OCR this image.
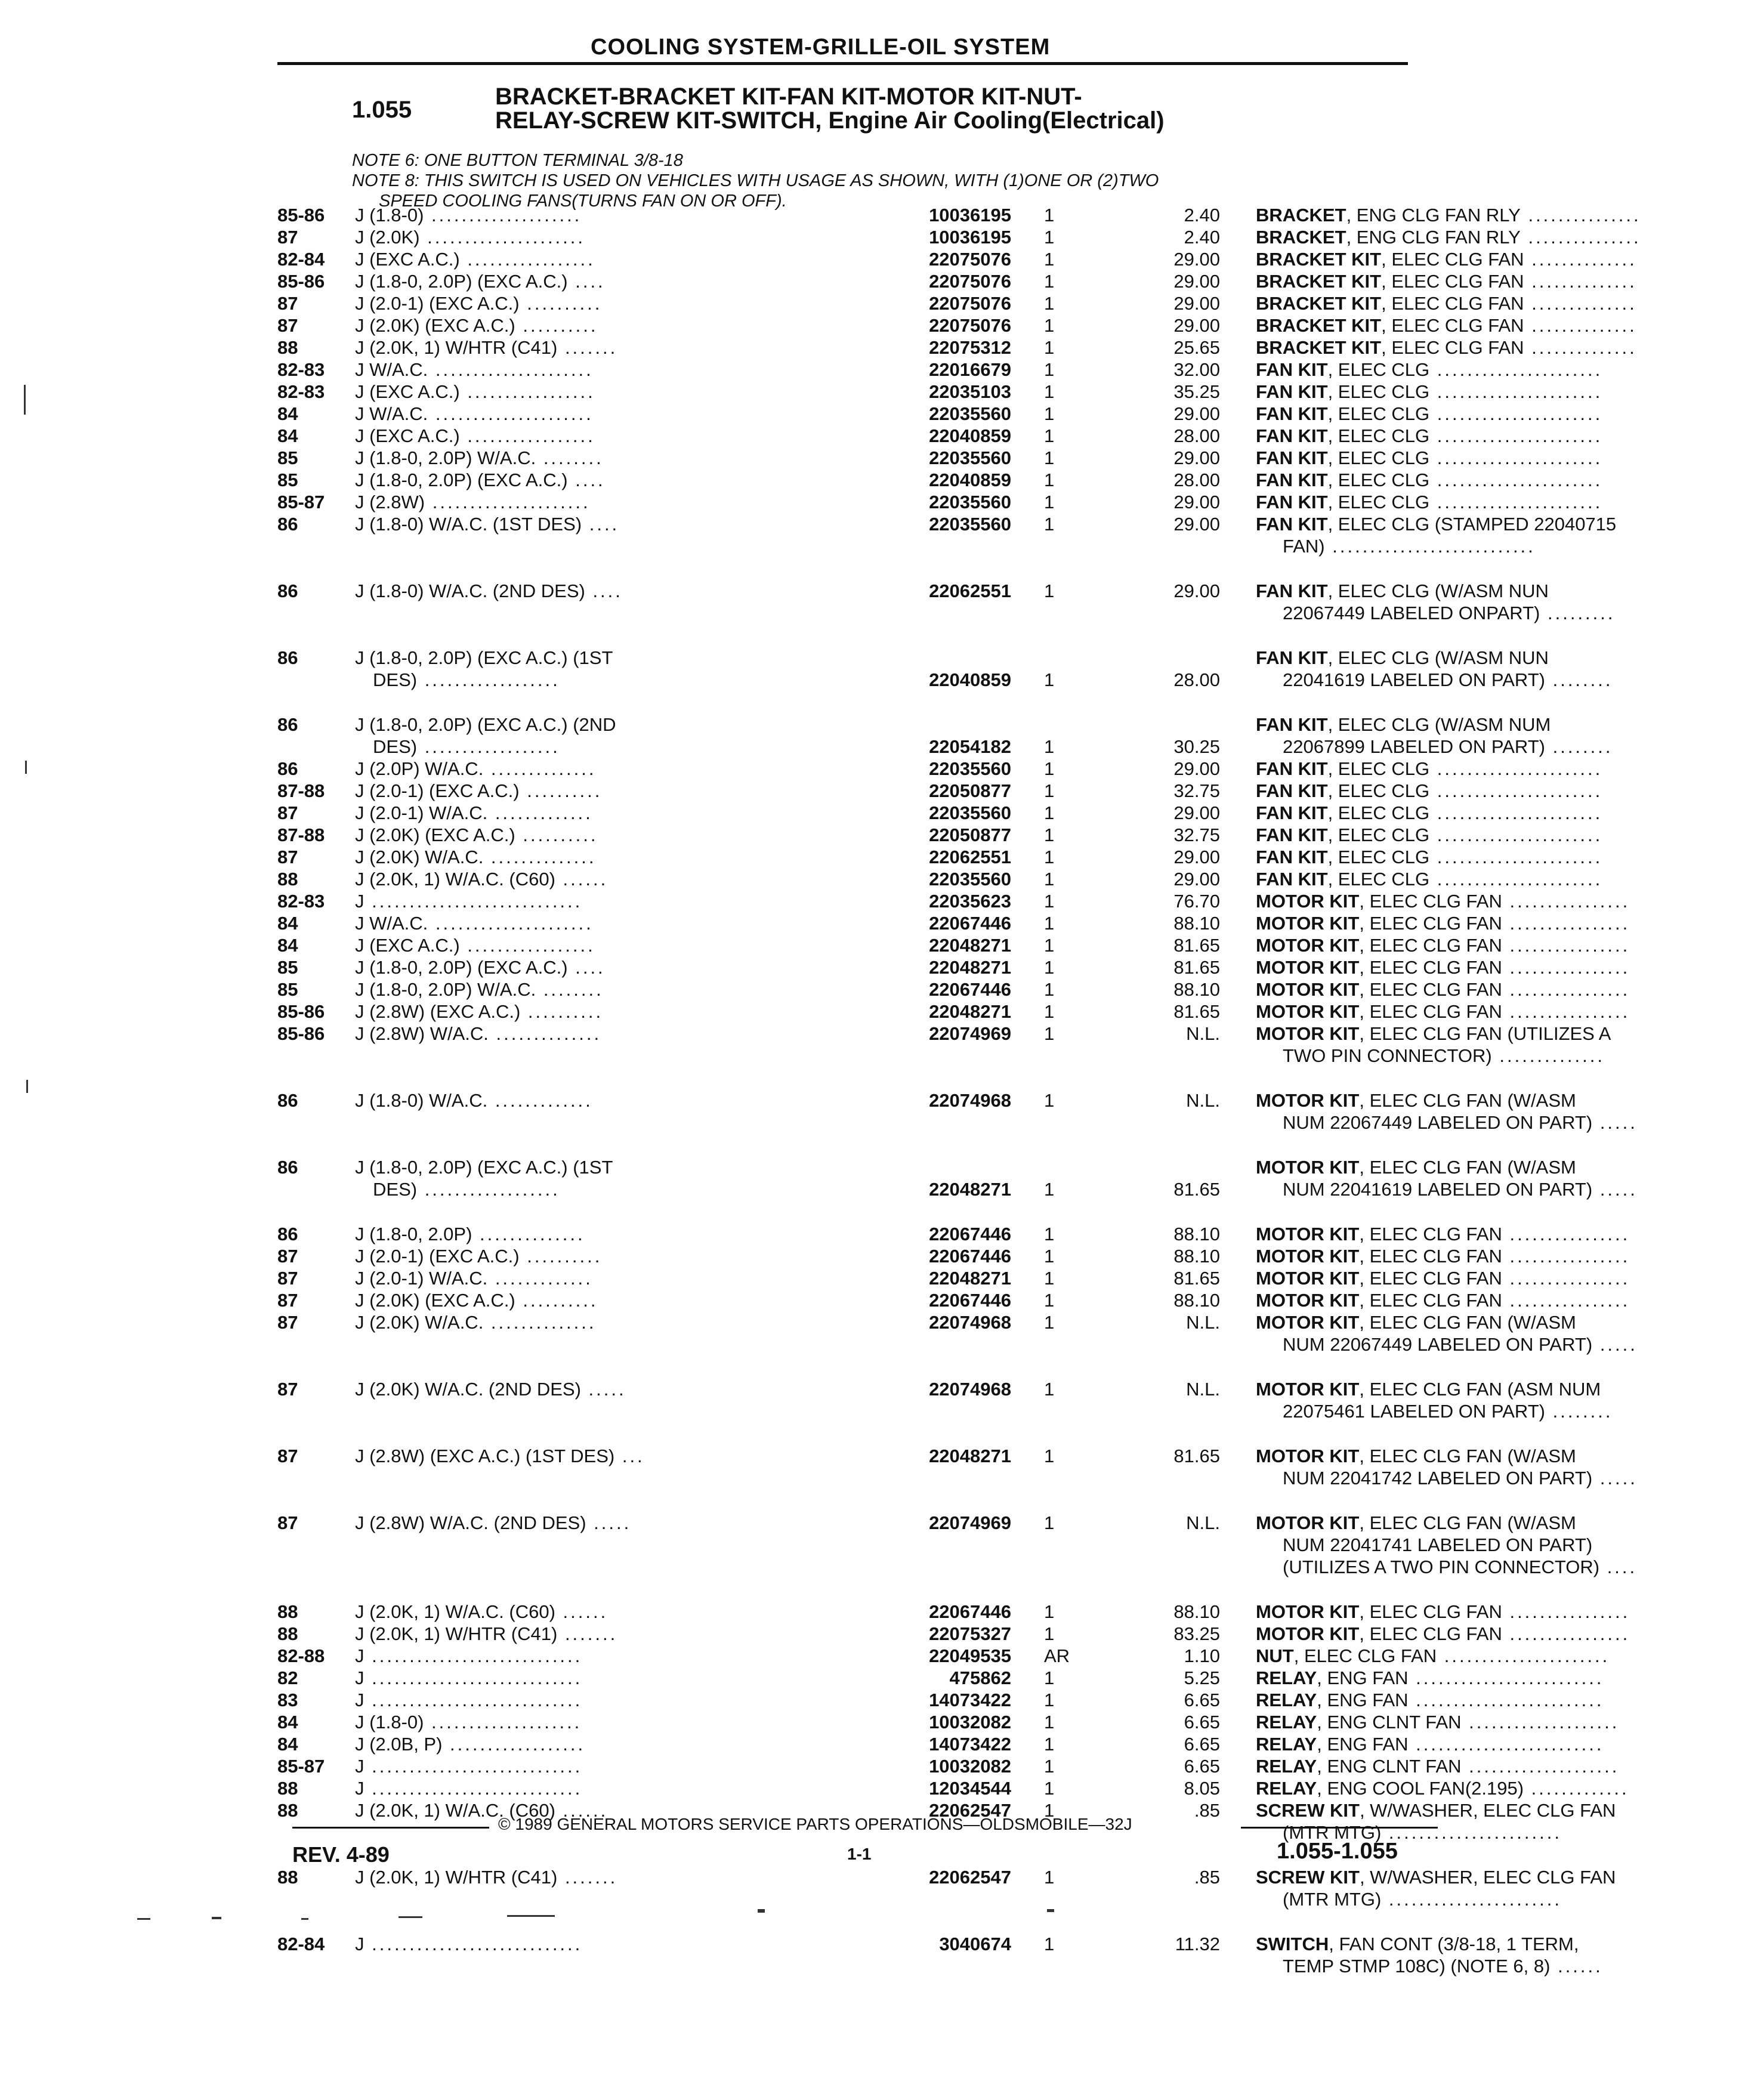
COOLING SYSTEM-GRILLE-OIL SYSTEM
1.055	BRACKET-BRACKET KIT-FAN KIT-MOTOR KIT-NUT-
RELAY-SCREW KIT-SWITCH, Engine Air Cooling(Electrical)
NOTE 6: ONE BUTTON TERMINAL 3/8-18
NOTE 8: THIS SWITCH IS USED ON VEHICLES WITH USAGE AS SHOWN, WITH (1)ONE OR (2)TWO
SPEED COOLING FANS(TURNS FAN ON OR OFF).
85-86	J (1.8-0) ....................	10036195 1	2.40 BRACKET, ENG CLG FAN RLY ...............
87	J (2.0K) .....................	10036195 1	2.40 BRACKET, ENG CLG FAN RLY ...............
82-84	J (EXC A.C.) .................	22075076 1	29.00 BRACKET KIT, ELEC CLG FAN ..............
85-86	J (1.8-0, 2.0P) (EXC A.C.) ....	22075076 1	29.00 BRACKET KIT, ELEC CLG FAN ..............
87	J (2.0-1) (EXC A.C.) ..........	22075076 1	29.00 BRACKET KIT, ELEC CLG FAN ..............
87	J (2.0K) (EXC A.C.) ..........	22075076 1	29.00 BRACKET KIT, ELEC CLG FAN ..............
88	J (2.0K, 1) W/HTR (C41) .......	22075312 1	25.65 BRACKET KIT, ELEC CLG FAN ..............
82-83	J W/A.C. .....................	22016679 1	32.00 FAN KIT, ELEC CLG ......................
82-83	J (EXC A.C.) .................	22035103 1	35.25 FAN KIT, ELEC CLG ......................
84	J W/A.C. .....................	22035560 1	29.00 FAN KIT, ELEC CLG ......................
84	J (EXC A.C.) .................	22040859 1	28.00 FAN KIT, ELEC CLG ......................
85	J (1.8-0, 2.0P) W/A.C. ........	22035560 1	29.00 FAN KIT, ELEC CLG ......................
85	J (1.8-0, 2.0P) (EXC A.C.) ....	22040859 1	28.00 FAN KIT, ELEC CLG ......................
85-87	J (2.8W) .....................	22035560 1	29.00 FAN KIT, ELEC CLG ......................
86	J (1.8-0) W/A.C. (1ST DES) ....	22035560 1	29.00 FAN KIT, ELEC CLG (STAMPED 22040715
FAN) ...........................
86	J (1.8-0) W/A.C. (2ND DES) ....	22062551 1	29.00 FAN KIT, ELEC CLG (W/ASM NUN
22067449 LABELED ONPART) .........
86	J (1.8-0, 2.0P) (EXC A.C.) (1ST
DES) ..................	22040859 1	28.00
FAN KIT, ELEC CLG (W/ASM NUN
22041619 LABELED ON PART) ........
86	J (1.8-0, 2.0P) (EXC A.C.) (2ND
DES) ..................	22054182 1	30.25
FAN KIT, ELEC CLG (W/ASM NUM
22067899 LABELED ON PART) ........
86	J (2.0P) W/A.C. ..............	22035560 1	29.00 FAN KIT, ELEC CLG ......................
87-88	J (2.0-1) (EXC A.C.) ..........	22050877 1	32.75 FAN KIT, ELEC CLG ......................
87	J (2.0-1) W/A.C. .............	22035560 1	29.00 FAN KIT, ELEC CLG ......................
87-88	J (2.0K) (EXC A.C.) ..........	22050877 1	32.75 FAN KIT, ELEC CLG ......................
87	J (2.0K) W/A.C. ..............	22062551 1	29.00 FAN KIT, ELEC CLG ......................
88	J (2.0K, 1) W/A.C. (C60) ......	22035560 1	29.00 FAN KIT, ELEC CLG ......................
82-83	J ............................	22035623 1	76.70 MOTOR KIT, ELEC CLG FAN ................
84	J W/A.C. .....................	22067446 1	88.10 MOTOR KIT, ELEC CLG FAN ................
84	J (EXC A.C.) .................	22048271 1	81.65 MOTOR KIT, ELEC CLG FAN ................
85	J (1.8-0, 2.0P) (EXC A.C.) ....	22048271 1	81.65 MOTOR KIT, ELEC CLG FAN ................
85	J (1.8-0, 2.0P) W/A.C. ........	22067446 1	88.10 MOTOR KIT, ELEC CLG FAN ................
85-86	J (2.8W) (EXC A.C.) ..........	22048271 1	81.65 MOTOR KIT, ELEC CLG FAN ................
85-86	J (2.8W) W/A.C. ..............	22074969 1	N.L. MOTOR KIT, ELEC CLG FAN (UTILIZES A
TWO PIN CONNECTOR) ..............
86	J (1.8-0) W/A.C. .............	22074968 1	N.L. MOTOR KIT, ELEC CLG FAN (W/ASM
NUM 22067449 LABELED ON PART) .....
86	J (1.8-0, 2.0P) (EXC A.C.) (1ST
DES) ..................	22048271 1	81.65
MOTOR KIT, ELEC CLG FAN (W/ASM
NUM 22041619 LABELED ON PART) .....
86	J (1.8-0, 2.0P) ..............	22067446 1	88.10 MOTOR KIT, ELEC CLG FAN ................
87	J (2.0-1) (EXC A.C.) ..........	22067446 1	88.10 MOTOR KIT, ELEC CLG FAN ................
87	J (2.0-1) W/A.C. .............	22048271 1	81.65 MOTOR KIT, ELEC CLG FAN ................
87	J (2.0K) (EXC A.C.) ..........	22067446 1	88.10 MOTOR KIT, ELEC CLG FAN ................
87	J (2.0K) W/A.C. ..............	22074968 1	N.L. MOTOR KIT, ELEC CLG FAN (W/ASM
NUM 22067449 LABELED ON PART) .....
87	J (2.0K) W/A.C. (2ND DES) .....	22074968 1	N.L. MOTOR KIT, ELEC CLG FAN (ASM NUM
22075461 LABELED ON PART) ........
87	J (2.8W) (EXC A.C.) (1ST DES) ...	22048271 1	81.65 MOTOR KIT, ELEC CLG FAN (W/ASM
NUM 22041742 LABELED ON PART) .....
87	J (2.8W) W/A.C. (2ND DES) .....	22074969 1	N.L. MOTOR KIT, ELEC CLG FAN (W/ASM
NUM 22041741 LABELED ON PART)
(UTILIZES A TWO PIN CONNECTOR) ....
88	J (2.0K, 1) W/A.C. (C60) ......	22067446 1	88.10 MOTOR KIT, ELEC CLG FAN ................
88	J (2.0K, 1) W/HTR (C41) .......	22075327 1	83.25 MOTOR KIT, ELEC CLG FAN ................
82-88	J ............................	22049535 AR	1.10 NUT, ELEC CLG FAN ......................
82	J ............................	475862 1	5.25 RELAY, ENG FAN .........................
83	J ............................	14073422 1	6.65 RELAY, ENG FAN .........................
84	J (1.8-0) ....................	10032082 1	6.65 RELAY, ENG CLNT FAN ....................
84	J (2.0B, P) ..................	14073422 1	6.65 RELAY, ENG FAN .........................
85-87	J ............................	10032082 1	6.65 RELAY, ENG CLNT FAN ....................
88	J ............................	12034544 1	8.05 RELAY, ENG COOL FAN(2.195) .............
88	J (2.0K, 1) W/A.C. (C60) ......	22062547 1	.85 SCREW KIT, W/WASHER, ELEC CLG FAN
(MTR MTG) .......................
88	J (2.0K, 1) W/HTR (C41) .......	22062547 1	.85 SCREW KIT, W/WASHER, ELEC CLG FAN
(MTR MTG) .......................
82-84	J ............................	3040674 1	11.32 SWITCH, FAN CONT (3/8-18, 1 TERM,
TEMP STMP 108C) (NOTE 6, 8) ......
© 1989 GENERAL MOTORS SERVICE PARTS OPERATIONS—OLDSMOBILE—32J
REV. 4-89	1-1	1.055-1.055
